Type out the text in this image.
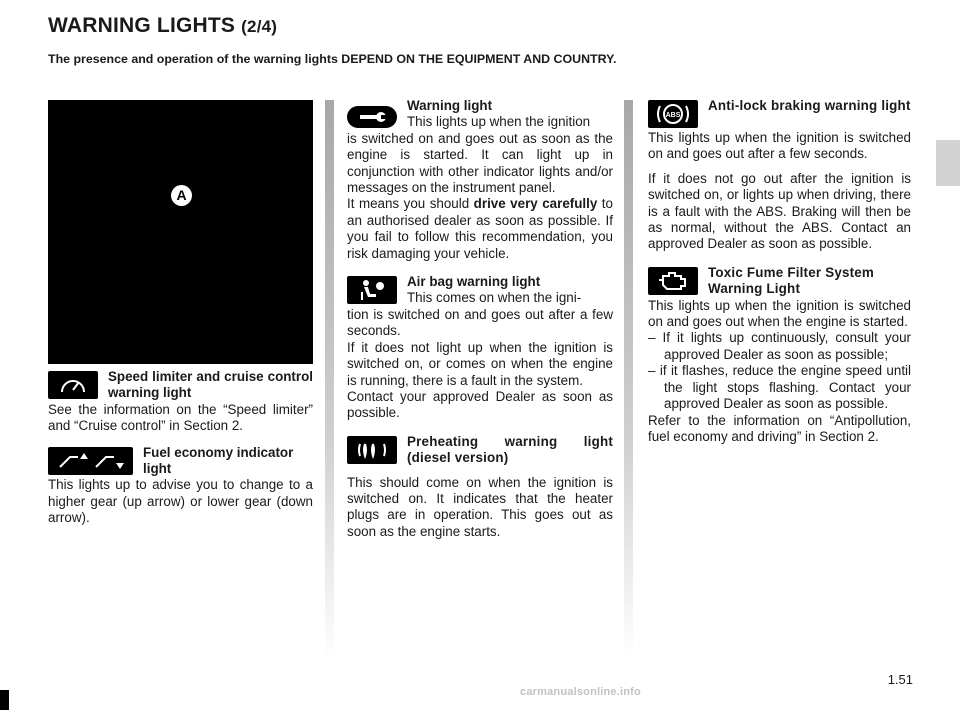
WARNING LIGHTS (2/4)
The presence and operation of the warning lights DEPEND ON THE EQUIPMENT AND COUNTRY.
A
Speed limiter and cruise control warning light

See the information on the “Speed limiter” and “Cruise control” in Section 2.

Fuel economy indicator light

This lights up to advise you to change to a higher gear (up arrow) or lower gear (down arrow).

Warning light
This lights up when the ignition

is switched on and goes out as soon as the engine is started. It can light up in conjunction with other indicator lights and/or messages on the instrument panel.

It means you should drive very carefully to an authorised dealer as soon as possible. If you fail to follow this recommendation, you risk damaging your vehicle.

Air bag warning light
This comes on when the igni-

tion is switched on and goes out after a few seconds.

If it does not light up when the ignition is switched on, or comes on when the engine is running, there is a fault in the system.

Contact your approved Dealer as soon as possible.

Preheating warning light (diesel version)

This should come on when the ignition is switched on. It indicates that the heater plugs are in operation. This goes out as soon as the engine starts.

ABS
Anti-lock braking warning light

This lights up when the ignition is switched on and goes out after a few seconds.

If it does not go out after the ignition is switched on, or lights up when driving, there is a fault with the ABS. Braking will then be as normal, without the ABS. Contact an approved Dealer as soon as possible.

Toxic Fume Filter System Warning Light

This lights up when the ignition is switched on and goes out when the engine is started.

– If it lights up continuously, consult your approved Dealer as soon as possible;

– if it flashes, reduce the engine speed until the light stops flashing. Contact your approved Dealer as soon as possible.

Refer to the information on “Antipollution, fuel economy and driving” in Section 2.

1.51
carmanualsonline.info
